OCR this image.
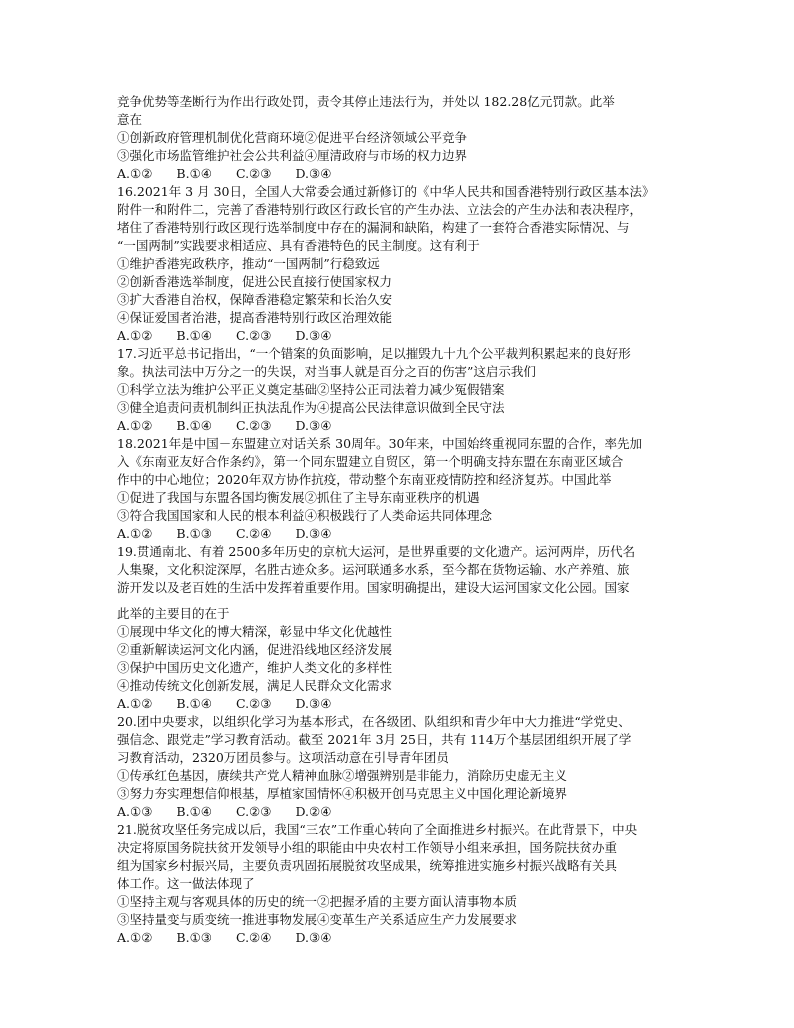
竞争优势等垄断行为作出行政处罚，责令其停止违法行为，并处以 182.28亿元罚款。此举
意在
①创新政府管理机制优化营商环境②促进平台经济领域公平竞争
③强化市场监管维护社会公共利益④厘清政府与市场的权力边界
A.①② B.①④ C.②③ D.③④
16.2021年 3 月 30日，全国人大常委会通过新修订的《中华人民共和国香港特别行政区基本法》
附件一和附件二，完善了香港特别行政区行政长官的产生办法、立法会的产生办法和表决程序，
堵住了香港特别行政区现行选举制度中存在的漏洞和缺陷，构建了一套符合香港实际情况、与
“一国两制”实践要求相适应、具有香港特色的民主制度。这有利于
①维护香港宪政秩序，推动“一国两制”行稳致远
②创新香港选举制度，促进公民直接行使国家权力
③扩大香港自治权，保障香港稳定繁荣和长治久安
④保证爱国者治港，提高香港特别行政区治理效能
A.①② B.①④ C.②③ D.③④
17.习近平总书记指出，“一个错案的负面影响，足以摧毁九十九个公平裁判积累起来的良好形
象。执法司法中万分之一的失误，对当事人就是百分之百的伤害”这启示我们
①科学立法为维护公平正义奠定基础②坚持公正司法着力减少冤假错案
③健全追责问责机制纠正执法乱作为④提高公民法律意识做到全民守法
A.①② B.①④ C.②③ D.③④
18.2021年是中国－东盟建立对话关系 30周年。30年来，中国始终重视同东盟的合作，率先加
入《东南亚友好合作条约》，第一个同东盟建立自贸区，第一个明确支持东盟在东南亚区域合
作中的中心地位；2020年双方协作抗疫，带动整个东南亚疫情防控和经济复苏。中国此举
①促进了我国与东盟各国均衡发展②抓住了主导东南亚秩序的机遇
③符合我国国家和人民的根本利益④积极践行了人类命运共同体理念
A.①② B.①③ C.②④ D.③④
19.贯通南北、有着 2500多年历史的京杭大运河，是世界重要的文化遗产。运河两岸，历代名
人集聚，文化积淀深厚，名胜古迹众多。运河联通多水系，至今都在货物运输、水产养殖、旅
游开发以及老百姓的生活中发挥着重要作用。国家明确提出，建设大运河国家文化公园。国家
此举的主要目的在于
①展现中华文化的博大精深，彰显中华文化优越性
②重新解读运河文化内涵，促进沿线地区经济发展
③保护中国历史文化遗产，维护人类文化的多样性
④推动传统文化创新发展，满足人民群众文化需求
A.①② B.①④ C.②③ D.③④
20.团中央要求，以组织化学习为基本形式，在各级团、队组织和青少年中大力推进“学党史、
强信念、跟党走”学习教育活动。截至 2021年 3月 25日，共有 114万个基层团组织开展了学
习教育活动，2320万团员参与。这项活动意在引导青年团员
①传承红色基因，赓续共产党人精神血脉②增强辨别是非能力，消除历史虚无主义
③努力夯实理想信仰根基，厚植家国情怀④积极开创马克思主义中国化理论新境界
A.①③ B.①④ C.②③ D.②④
21.脱贫攻坚任务完成以后，我国“三农”工作重心转向了全面推进乡村振兴。在此背景下，中央
决定将原国务院扶贫开发领导小组的职能由中央农村工作领导小组来承担，国务院扶贫办重
组为国家乡村振兴局，主要负责巩固拓展脱贫攻坚成果，统筹推进实施乡村振兴战略有关具
体工作。这一做法体现了
①坚持主观与客观具体的历史的统一②把握矛盾的主要方面认清事物本质
③坚持量变与质变统一推进事物发展④变革生产关系适应生产力发展要求
A.①② B.①③ C.②④ D.③④
